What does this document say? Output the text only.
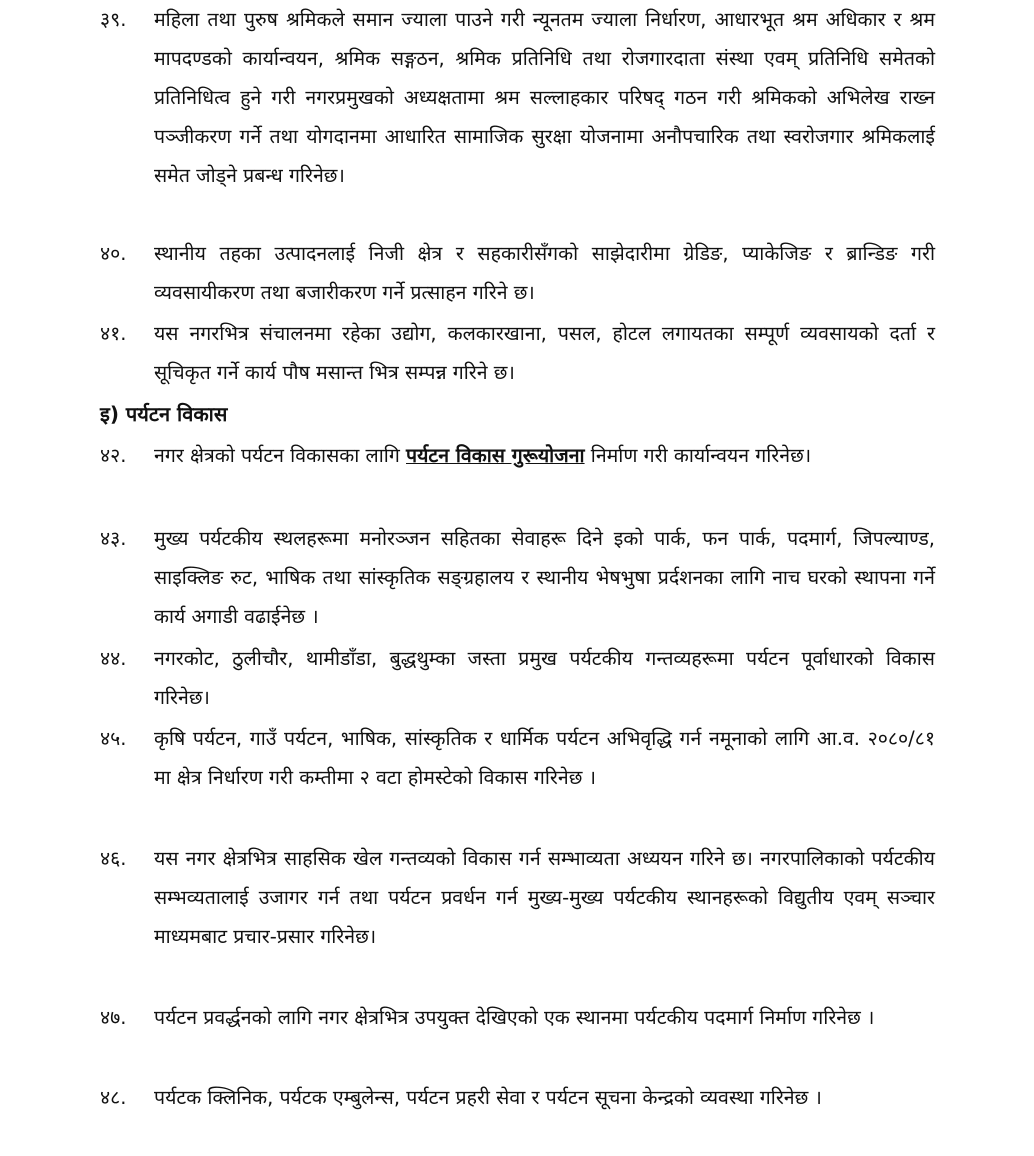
३९.	महिला तथा पुरुष श्रमिकले समान ज्याला पाउने गरी न्यूनतम ज्याला निर्धारण, आधारभूत श्रम अधिकार र श्रम मापदण्डको कार्यान्वयन, श्रमिक सङ्गठन, श्रमिक प्रतिनिधि तथा रोजगारदाता संस्था एवम् प्रतिनिधि समेतको प्रतिनिधित्व हुने गरी नगरप्रमुखको अध्यक्षतामा श्रम सल्लाहकार परिषद् गठन गरी श्रमिकको अभिलेख राख्न पञ्जीकरण गर्ने तथा योगदानमा आधारित सामाजिक सुरक्षा योजनामा अनौपचारिक तथा स्वरोजगार श्रमिकलाई समेत जोड्ने प्रबन्ध गरिनेछ।
४०.	स्थानीय तहका उत्पादनलाई निजी क्षेत्र र सहकारीसँगको साझेदारीमा ग्रेडिङ, प्याकेजिङ र ब्रान्डिङ गरी व्यवसायीकरण तथा बजारीकरण गर्ने प्रत्साहन गरिने छ।
४१.	यस नगरभित्र संचालनमा रहेका उद्योग, कलकारखाना, पसल, होटल लगायतका सम्पूर्ण व्यवसायको दर्ता र सूचिकृत गर्ने कार्य पौष मसान्त भित्र सम्पन्न गरिने छ।
इ) पर्यटन विकास
४२.	नगर क्षेत्रको पर्यटन विकासका लागि पर्यटन विकास गुरूयोजना निर्माण गरी कार्यान्वयन गरिनेछ।
४३.	मुख्य पर्यटकीय स्थलहरूमा मनोरञ्जन सहितका सेवाहरू दिने इको पार्क, फन पार्क, पदमार्ग, जिपल्याण्ड, साइक्लिङ रुट, भाषिक तथा सांस्कृतिक सङ्ग्रहालय र स्थानीय भेषभुषा प्रर्दशनका लागि नाच घरको स्थापना गर्ने कार्य अगाडी वढाईनेछ ।
४४.	नगरकोट, ठुलीचौर, थामीडाँडा, बुद्धथुम्का जस्ता प्रमुख पर्यटकीय गन्तव्यहरूमा पर्यटन पूर्वाधारको विकास गरिनेछ।
४५.	कृषि पर्यटन, गाउँ पर्यटन, भाषिक, सांस्कृतिक र धार्मिक पर्यटन अभिवृद्धि गर्न नमूनाको लागि आ.व. २०८०/८१ मा क्षेत्र निर्धारण गरी कम्तीमा २ वटा होमस्टेको विकास गरिनेछ ।
४६.	यस नगर क्षेत्रभित्र साहसिक खेल गन्तव्यको विकास गर्न सम्भाव्यता अध्ययन गरिने छ। नगरपालिकाको पर्यटकीय सम्भव्यतालाई उजागर गर्न तथा पर्यटन प्रवर्धन गर्न मुख्य-मुख्य पर्यटकीय स्थानहरूको विद्युतीय एवम् सञ्चार माध्यमबाट प्रचार-प्रसार गरिनेछ।
४७.	पर्यटन प्रवर्द्धनको लागि नगर क्षेत्रभित्र उपयुक्त देखिएको एक स्थानमा पर्यटकीय पदमार्ग निर्माण गरिनेछ ।
४८.	पर्यटक क्लिनिक, पर्यटक एम्बुलेन्स, पर्यटन प्रहरी सेवा र पर्यटन सूचना केन्द्रको व्यवस्था गरिनेछ ।
